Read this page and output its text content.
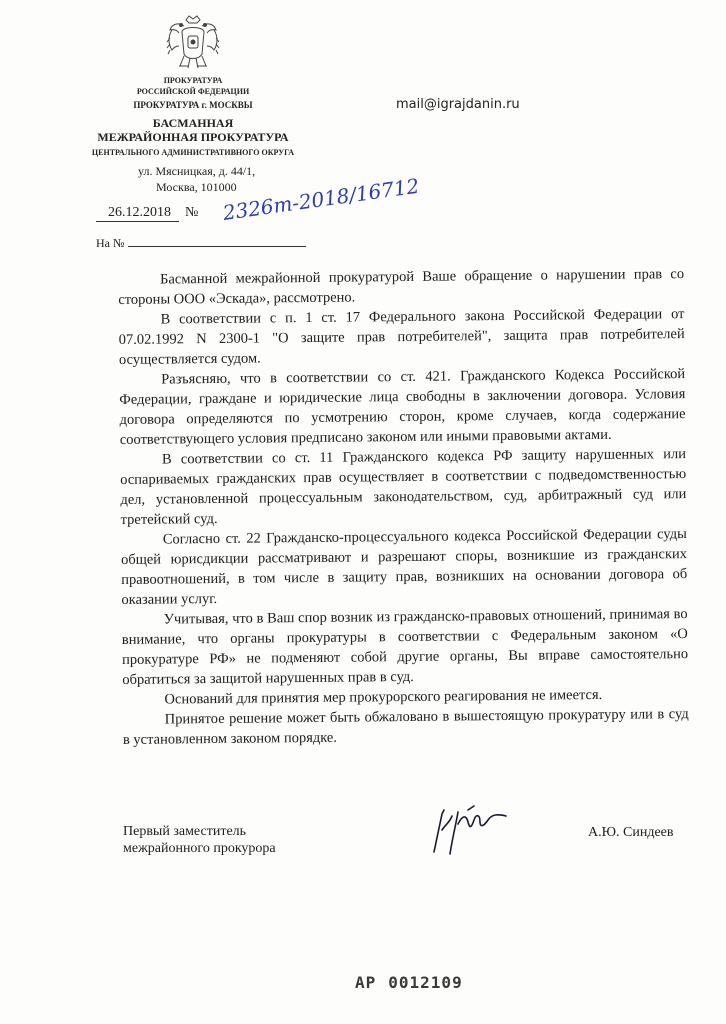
ПРОКУРАТУРА
РОССИЙСКОЙ ФЕДЕРАЦИИ
ПРОКУРАТУРА г. МОСКВЫ
БАСМАННАЯ
МЕЖРАЙОННАЯ ПРОКУРАТУРА
ЦЕНТРАЛЬНОГО АДМИНИСТРАТИВНОГО ОКРУГА
ул. Мясницкая, д. 44/1,
Москва, 101000
mail@igrajdanin.ru
26.12.2018 № 2326т-2018/16712
На №

Басманной межрайонной прокуратурой Ваше обращение о нарушении прав со стороны ООО «Эскада», рассмотрено.

В соответствии с п. 1 ст. 17 Федерального закона Российской Федерации от 07.02.1992 N 2300-1 "О защите прав потребителей", защита прав потребителей осуществляется судом.

Разъясняю, что в соответствии со ст. 421. Гражданского Кодекса Российской Федерации, граждане и юридические лица свободны в заключении договора. Условия договора определяются по усмотрению сторон, кроме случаев, когда содержание соответствующего условия предписано законом или иными правовыми актами.

В соответствии со ст. 11 Гражданского кодекса РФ защиту нарушенных или оспариваемых гражданских прав осуществляет в соответствии с подведомственностью дел, установленной процессуальным законодательством, суд, арбитражный суд или третейский суд.

Согласно ст. 22 Гражданско-процессуального кодекса Российской Федерации суды общей юрисдикции рассматривают и разрешают споры, возникшие из гражданских правоотношений, в том числе в защиту прав, возникших на основании договора об оказании услуг.

Учитывая, что в Ваш спор возник из гражданско-правовых отношений, принимая во внимание, что органы прокуратуры в соответствии с Федеральным законом «О прокуратуре РФ» не подменяют собой другие органы, Вы вправе самостоятельно обратиться за защитой нарушенных прав в суд.

Оснований для принятия мер прокурорского реагирования не имеется.

Принятое решение может быть обжаловано в вышестоящую прокуратуру или в суд в установленном законом порядке.

Первый заместитель
межрайонного прокурора
А.Ю. Синдеев
АР 0012109
